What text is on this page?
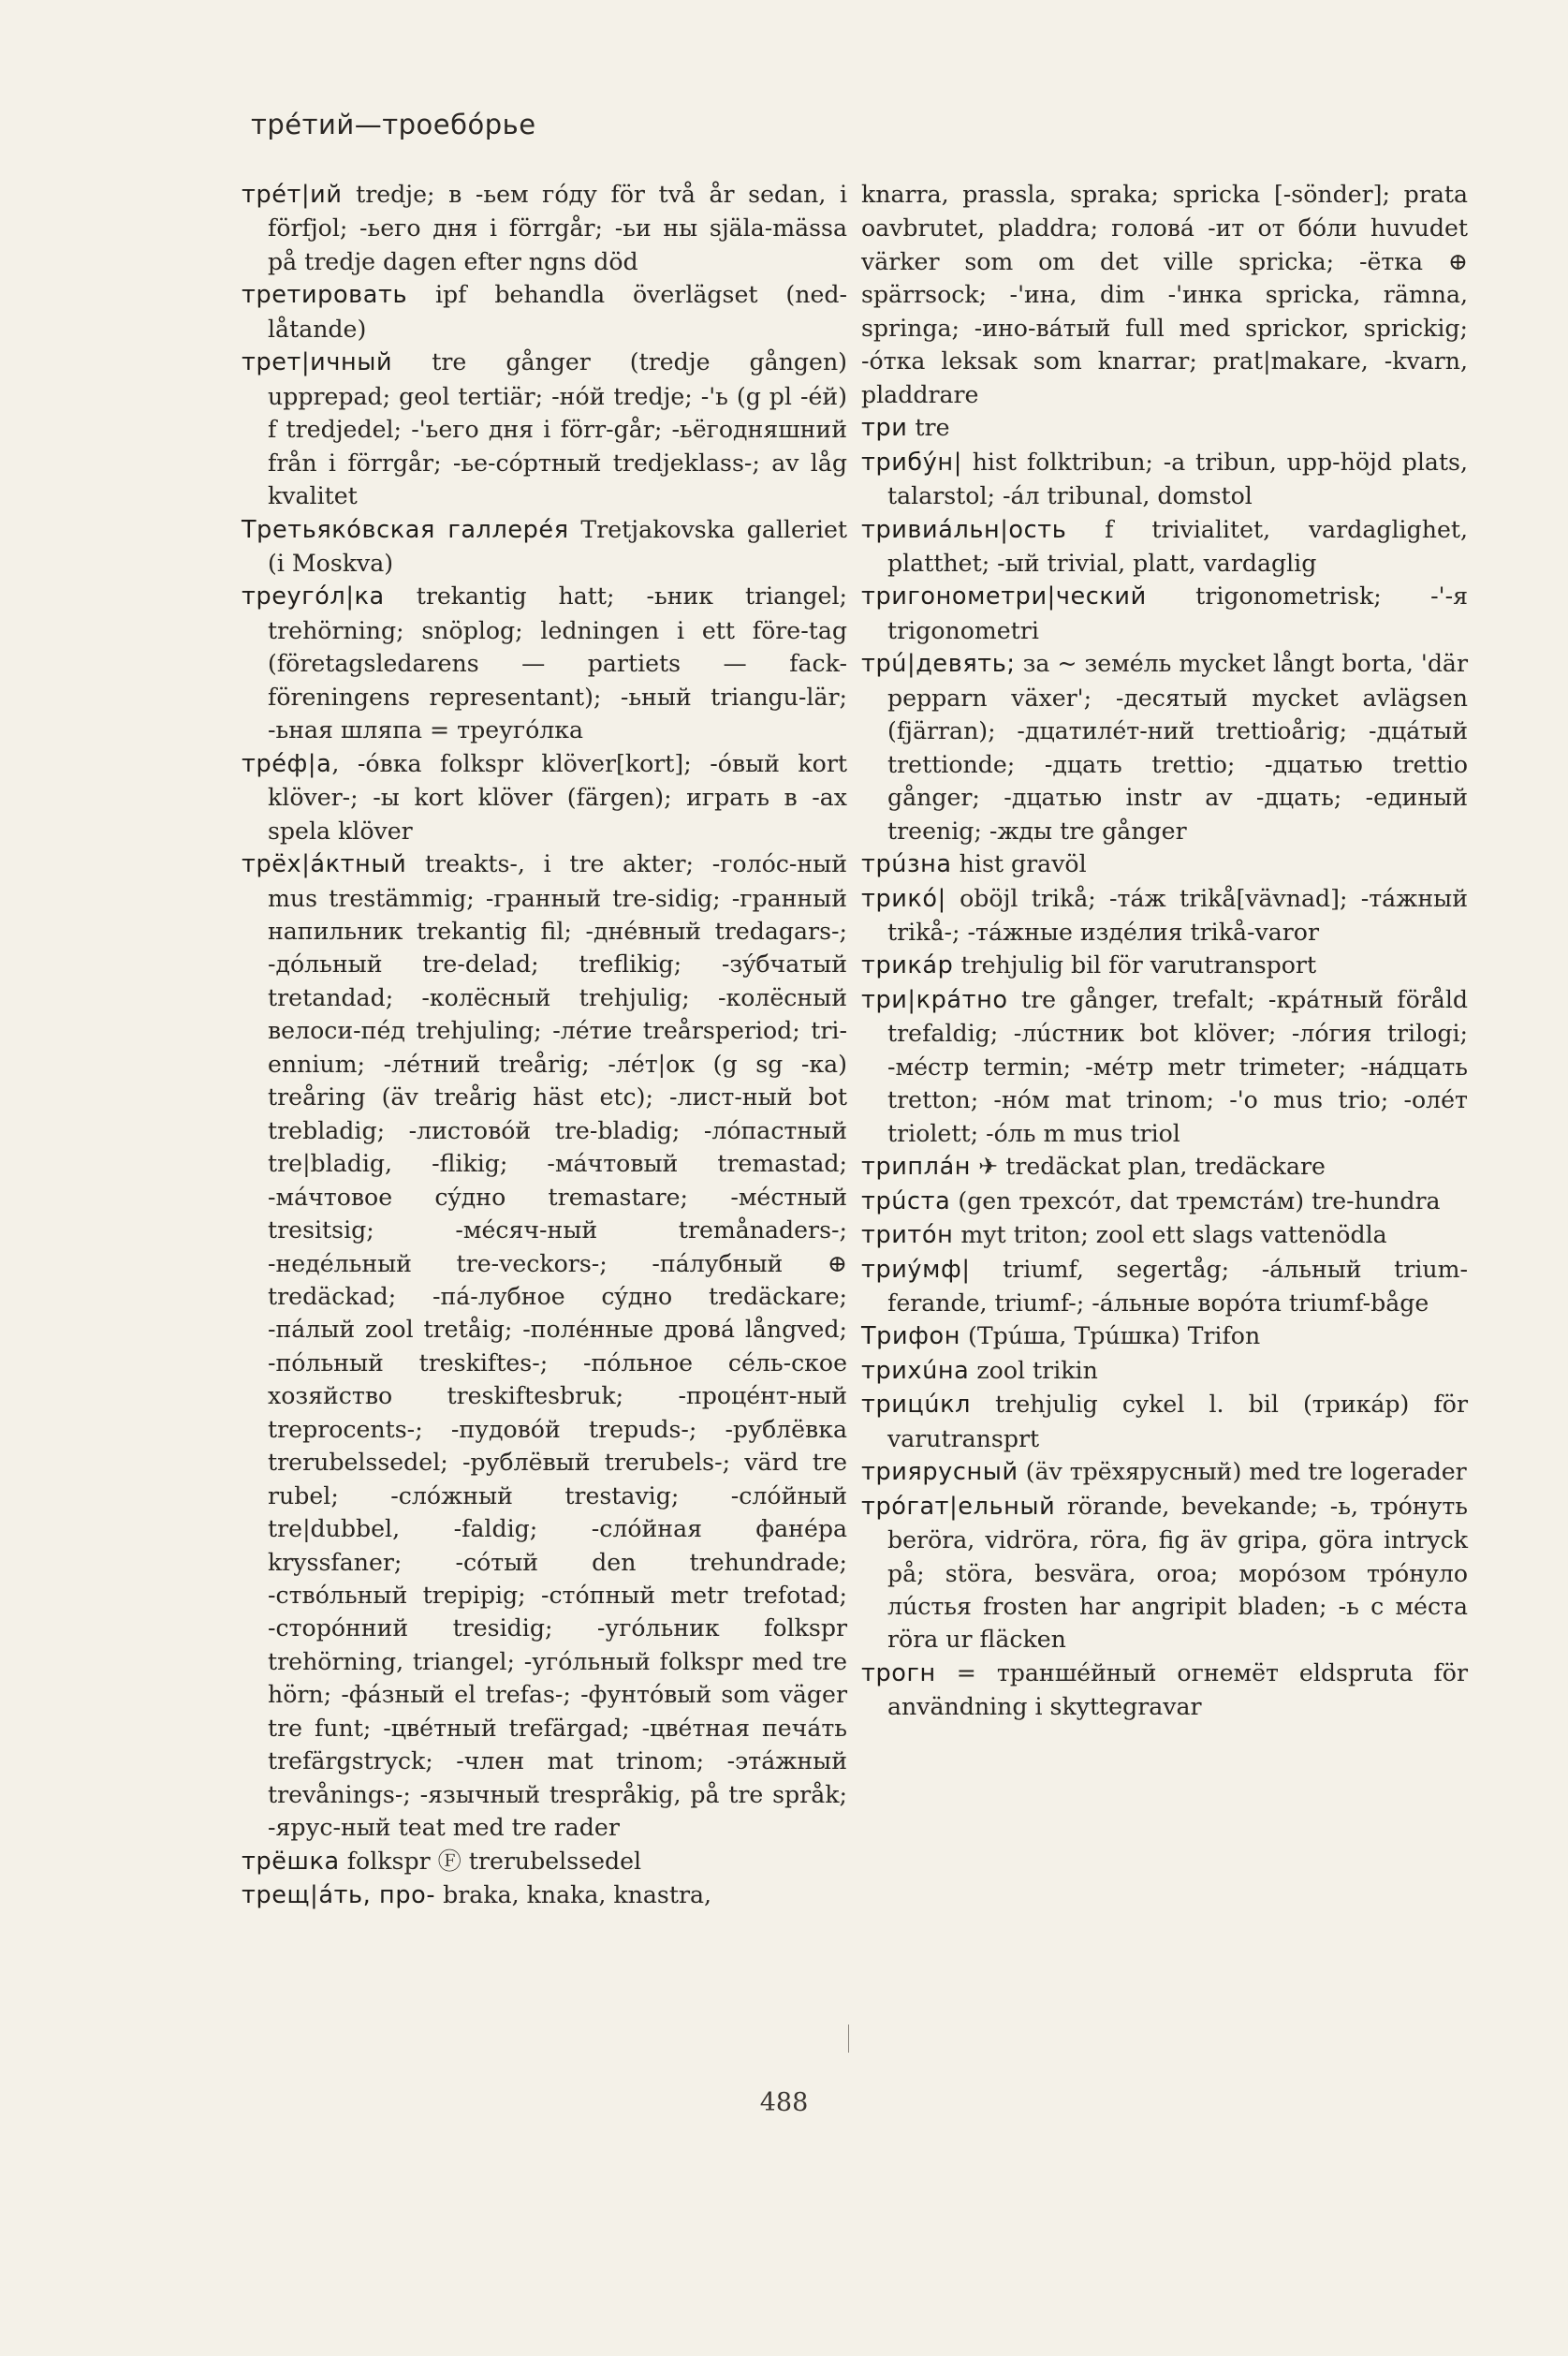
трéтий—троебóрье

трéт|ий tredje; в -ьем гóду för två år sedan, i förfjol; -ьего дня i förrgår; -ьи ны själa-mässa på tredje dagen efter ngns död

третировать ipf behandla överlägset (ned-låtande)

трет|ичный tre gånger (tredje gången) upprepad; geol tertiär; -нóй tredje; -'ь (g pl -éй) f tredjedel; -'ьего дня i förr-går; -ьёгодняшний från i förrgår; -ье-сóртный tredjeklass-; av låg kvalitet

Третьякóвская галлерéя Tretjakovska galleriet (i Moskva)

треугóл|ка trekantig hatt; -ьник triangel; trehörning; snöplog; ledningen i ett före-tag (företagsledarens — partiets — fack-föreningens representant); -ьный triangu-lär; -ьная шляпа = треугóлка

трéф|а, -óвка folkspr klöver[kort]; -óвый kort klöver-; -ы kort klöver (färgen); играть в -ах spela klöver

трёх|áктный treakts-, i tre akter; -голóс-ный mus trestämmig; -гранный tre-sidig; -гранный напильник trekantig fil; -днéвный tredagars-; -дóльный tre-delad; treflikig; -зýбчатый tretandad; -колёсный trehjulig; -колёсный велоси-пéд trehjuling; -лéтие treårsperiod; tri-ennium; -лéтний treårig; -лéт|ок (g sg -ка) treåring (äv treårig häst etc); -лист-ный bot trebladig; -листовóй tre-bladig; -лóпастный tre|bladig, -flikig; -мáчтовый tremastad; -мáчтовое сýдно tremastare; -мéстный tresitsig; -мéсяч-ный tremånaders-; -недéльный tre-veckors-; -пáлубный ⊕ tredäckad; -пá-лубное сýдно tredäckare; -пáлый zool tretåig; -полéнные дровá långved; -пóльный treskiftes-; -пóльное сéль-ское хозяйство treskiftesbruk; -процéнт-ный treprocents-; -пудовóй trepuds-; -рублёвка trerubelssedel; -рублёвый trerubels-; värd tre rubel; -слóжный trestavig; -слóйный tre|dubbel, -faldig; -слóйная фанéра kryssfaner; -сóтый den trehundrade; -ствóльный trepipig; -стóпный metr trefotad; -сторóнний tresidig; -угóльник folkspr trehörning, triangel; -угóльный folkspr med tre hörn; -фáзный el trefas-; -фунтóвый som väger tre funt; -цвéтный trefärgad; -цвéтная печáть trefärgstryck; -член mat trinom; -этáжный trevånings-; -язычный trespråkig, på tre språk; -ярус-ный teat med tre rader

трёшка folkspr Ⓕ trerubelssedel

трещ|áть, про- braka, knaka, knastra,

knarra, prassla, spraka; spricka [-sönder]; prata oavbrutet, pladdra; головá -ит от бóли huvudet värker som om det ville spricka; -ётка ⊕ spärrsock; -'ина, dim -'инка spricka, rämna, springa; -ино-вáтый full med sprickor, sprickig; -óтка leksak som knarrar; prat|makare, -kvarn, pladdrare

три tre

трибýн| hist folktribun; -а tribun, upp-höjd plats, talarstol; -áл tribunal, domstol

тривиáльн|ость f trivialitet, vardaglighet, platthet; -ый trivial, platt, vardaglig

тригонометри|ческий trigonometrisk; -'-я trigonometri

трú|девять; за ~ земéль mycket långt borta, 'där pepparn växer'; -десятый mycket avlägsen (fjärran); -дцатилéт-ний trettioårig; -дцáтый trettionde; -дцать trettio; -дцатью trettio gånger; -дцатью instr av -дцать; -единый treenig; -жды tre gånger

трúзна hist gravöl

трикó| oböjl trikå; -тáж trikå[vävnad]; -тáжный trikå-; -тáжные издéлия trikå-varor

трикáр trehjulig bil för varutransport

три|крáтно tre gånger, trefalt; -крáтный föråld trefaldig; -лúстник bot klöver; -лóгия trilogi; -мéстр termin; -мéтр metr trimeter; -нáдцать tretton; -нóм mat trinom; -'о mus trio; -олéт triolett; -óль m mus triol

триплáн ✈ tredäckat plan, tredäckare

трúста (gen трехсóт, dat тремстáм) tre-hundra

тритóн myt triton; zool ett slags vattenödla

триýмф| triumf, segertåg; -áльный trium-ferande, triumf-; -áльные ворóта triumf-båge

Трифон (Трúша, Трúшка) Trifon

трихúна zool trikin

трицúкл trehjulig cykel l. bil (трикáр) för varutransprt

триярусный (äv трёхярусный) med tre logerader

трóгат|ельный rörande, bevekande; -ь, трóнуть beröra, vidröra, röra, fig äv gripa, göra intryck på; störa, besvära, oroa; морóзом трóнуло лúстья frosten har angripit bladen; -ь с мéста röra ur fläcken

трогн = траншéйный огнемёт eldspruta för användning i skyttegravar

488
